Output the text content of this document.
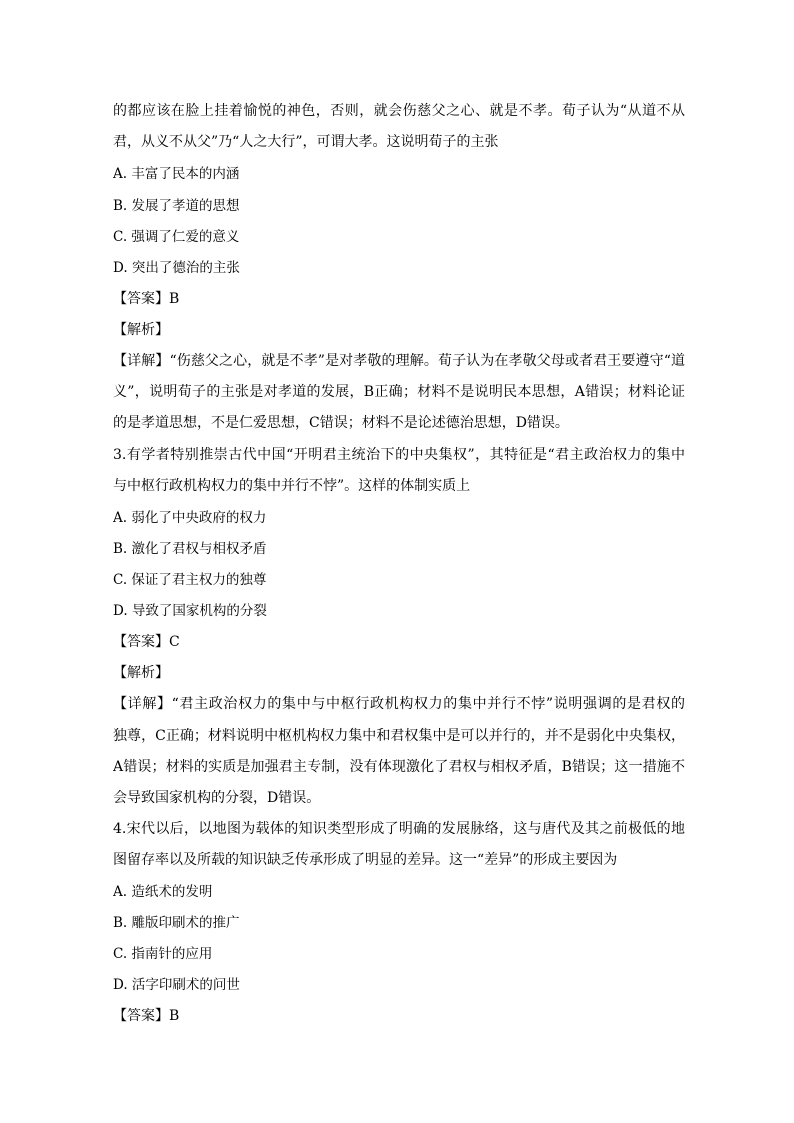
的都应该在脸上挂着愉悦的神色，否则，就会伤慈父之心、就是不孝。荀子认为“从道不从
君，从义不从父”乃“人之大行”，可谓大孝。这说明荀子的主张
A. 丰富了民本的内涵
B. 发展了孝道的思想
C. 强调了仁爱的意义
D. 突出了德治的主张
【答案】B
【解析】
【详解】“伤慈父之心，就是不孝”是对孝敬的理解。荀子认为在孝敬父母或者君王要遵守“道
义”，说明荀子的主张是对孝道的发展，B正确；材料不是说明民本思想，A错误；材料论证
的是孝道思想，不是仁爱思想，C错误；材料不是论述德治思想，D错误。
3.有学者特别推崇古代中国“开明君主统治下的中央集权”，其特征是“君主政治权力的集中
与中枢行政机构权力的集中并行不悖”。这样的体制实质上
A. 弱化了中央政府的权力
B. 激化了君权与相权矛盾
C. 保证了君主权力的独尊
D. 导致了国家机构的分裂
【答案】C
【解析】
【详解】“君主政治权力的集中与中枢行政机构权力的集中并行不悖”说明强调的是君权的
独尊，C正确；材料说明中枢机构权力集中和君权集中是可以并行的，并不是弱化中央集权，
A错误；材料的实质是加强君主专制，没有体现激化了君权与相权矛盾，B错误；这一措施不
会导致国家机构的分裂，D错误。
4.宋代以后，以地图为载体的知识类型形成了明确的发展脉络，这与唐代及其之前极低的地
图留存率以及所载的知识缺乏传承形成了明显的差异。这一“差异”的形成主要因为
A. 造纸术的发明
B. 雕版印刷术的推广
C. 指南针的应用
D. 活字印刷术的问世
【答案】B
